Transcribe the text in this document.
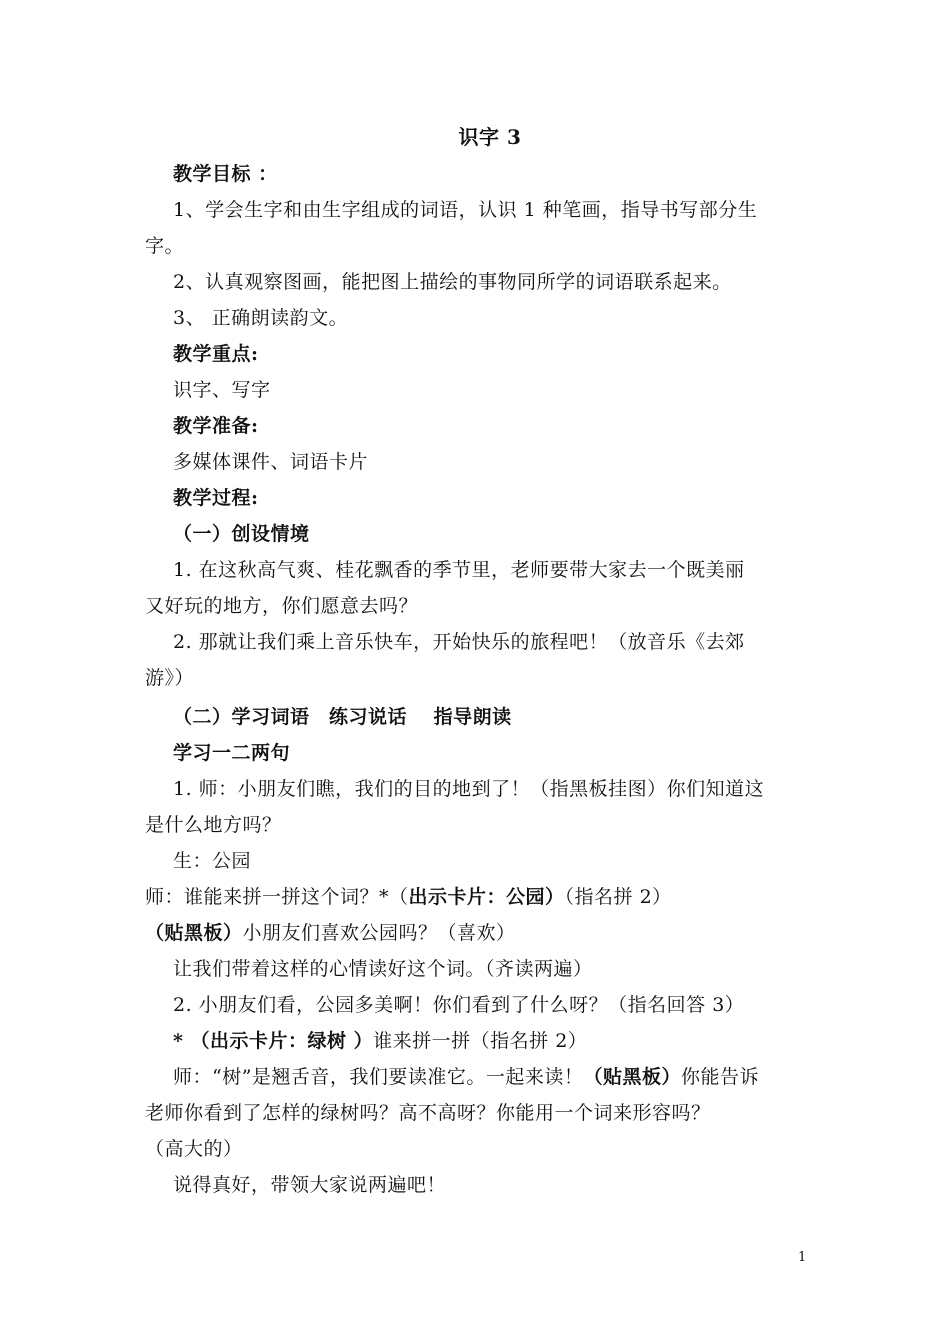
识字 3
教学目标 ：
1、学会生字和由生字组成的词语，认识 1 种笔画，指导书写部分生
字。
2、认真观察图画，能把图上描绘的事物同所学的词语联系起来。
3、 正确朗读韵文。
教学重点:
识字、写字
教学准备:
多媒体课件、词语卡片
教学过程:
（一）创设情境
1. 在这秋高气爽、桂花飘香的季节里，老师要带大家去一个既美丽
又好玩的地方，你们愿意去吗？
2. 那就让我们乘上音乐快车，开始快乐的旅程吧！（放音乐《去郊
游》）
（二）学习词语　练习说话　 指导朗读
学习一二两句
1. 师：小朋友们瞧，我们的目的地到了！（指黑板挂图）你们知道这
是什么地方吗？
生：公园
师：谁能来拼一拼这个词？*（出示卡片：公园）（指名拼 2）
（贴黑板）小朋友们喜欢公园吗？（喜欢）
让我们带着这样的心情读好这个词。（齐读两遍）
2. 小朋友们看，公园多美啊！你们看到了什么呀？（指名回答 3）
* （出示卡片：绿树 ）谁来拼一拼（指名拼 2）
师：“树”是翘舌音，我们要读准它。一起来读！（贴黑板）你能告诉
老师你看到了怎样的绿树吗？高不高呀？你能用一个词来形容吗？
（高大的）
说得真好，带领大家说两遍吧！
1
